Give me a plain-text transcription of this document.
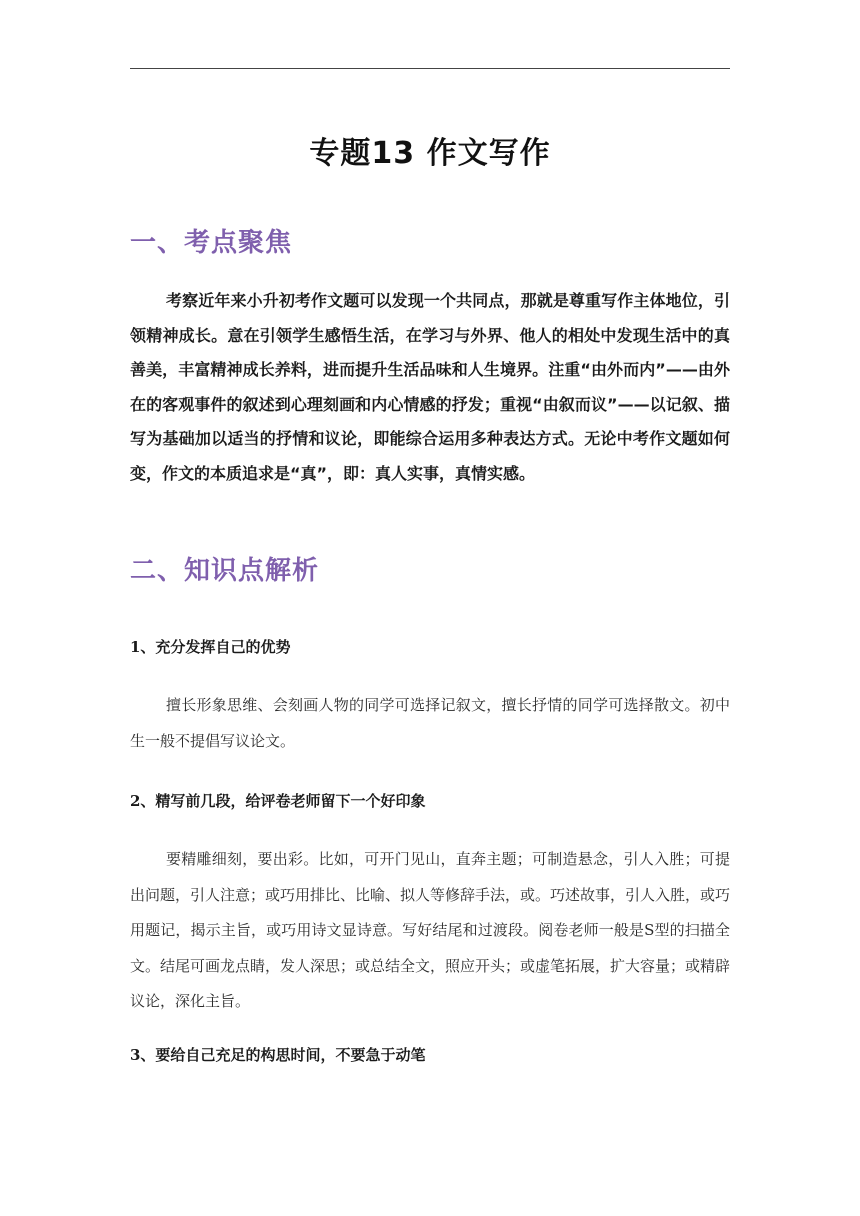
专题13 作文写作
一、考点聚焦
考察近年来小升初考作文题可以发现一个共同点，那就是尊重写作主体地位，引领精神成长。意在引领学生感悟生活，在学习与外界、他人的相处中发现生活中的真善美，丰富精神成长养料，进而提升生活品味和人生境界。注重“由外而内”——由外在的客观事件的叙述到心理刻画和内心情感的抒发；重视“由叙而议”——以记叙、描写为基础加以适当的抒情和议论，即能综合运用多种表达方式。无论中考作文题如何变，作文的本质追求是“真”，即：真人实事，真情实感。
二、知识点解析
1、充分发挥自己的优势
擅长形象思维、会刻画人物的同学可选择记叙文，擅长抒情的同学可选择散文。初中生一般不提倡写议论文。
2、精写前几段，给评卷老师留下一个好印象
要精雕细刻，要出彩。比如，可开门见山，直奔主题；可制造悬念，引人入胜；可提出问题，引人注意；或巧用排比、比喻、拟人等修辞手法，或。巧述故事，引人入胜，或巧用题记，揭示主旨，或巧用诗文显诗意。写好结尾和过渡段。阅卷老师一般是S型的扫描全文。结尾可画龙点睛，发人深思；或总结全文，照应开头；或虚笔拓展，扩大容量；或精辟议论，深化主旨。
3、要给自己充足的构思时间，不要急于动笔
